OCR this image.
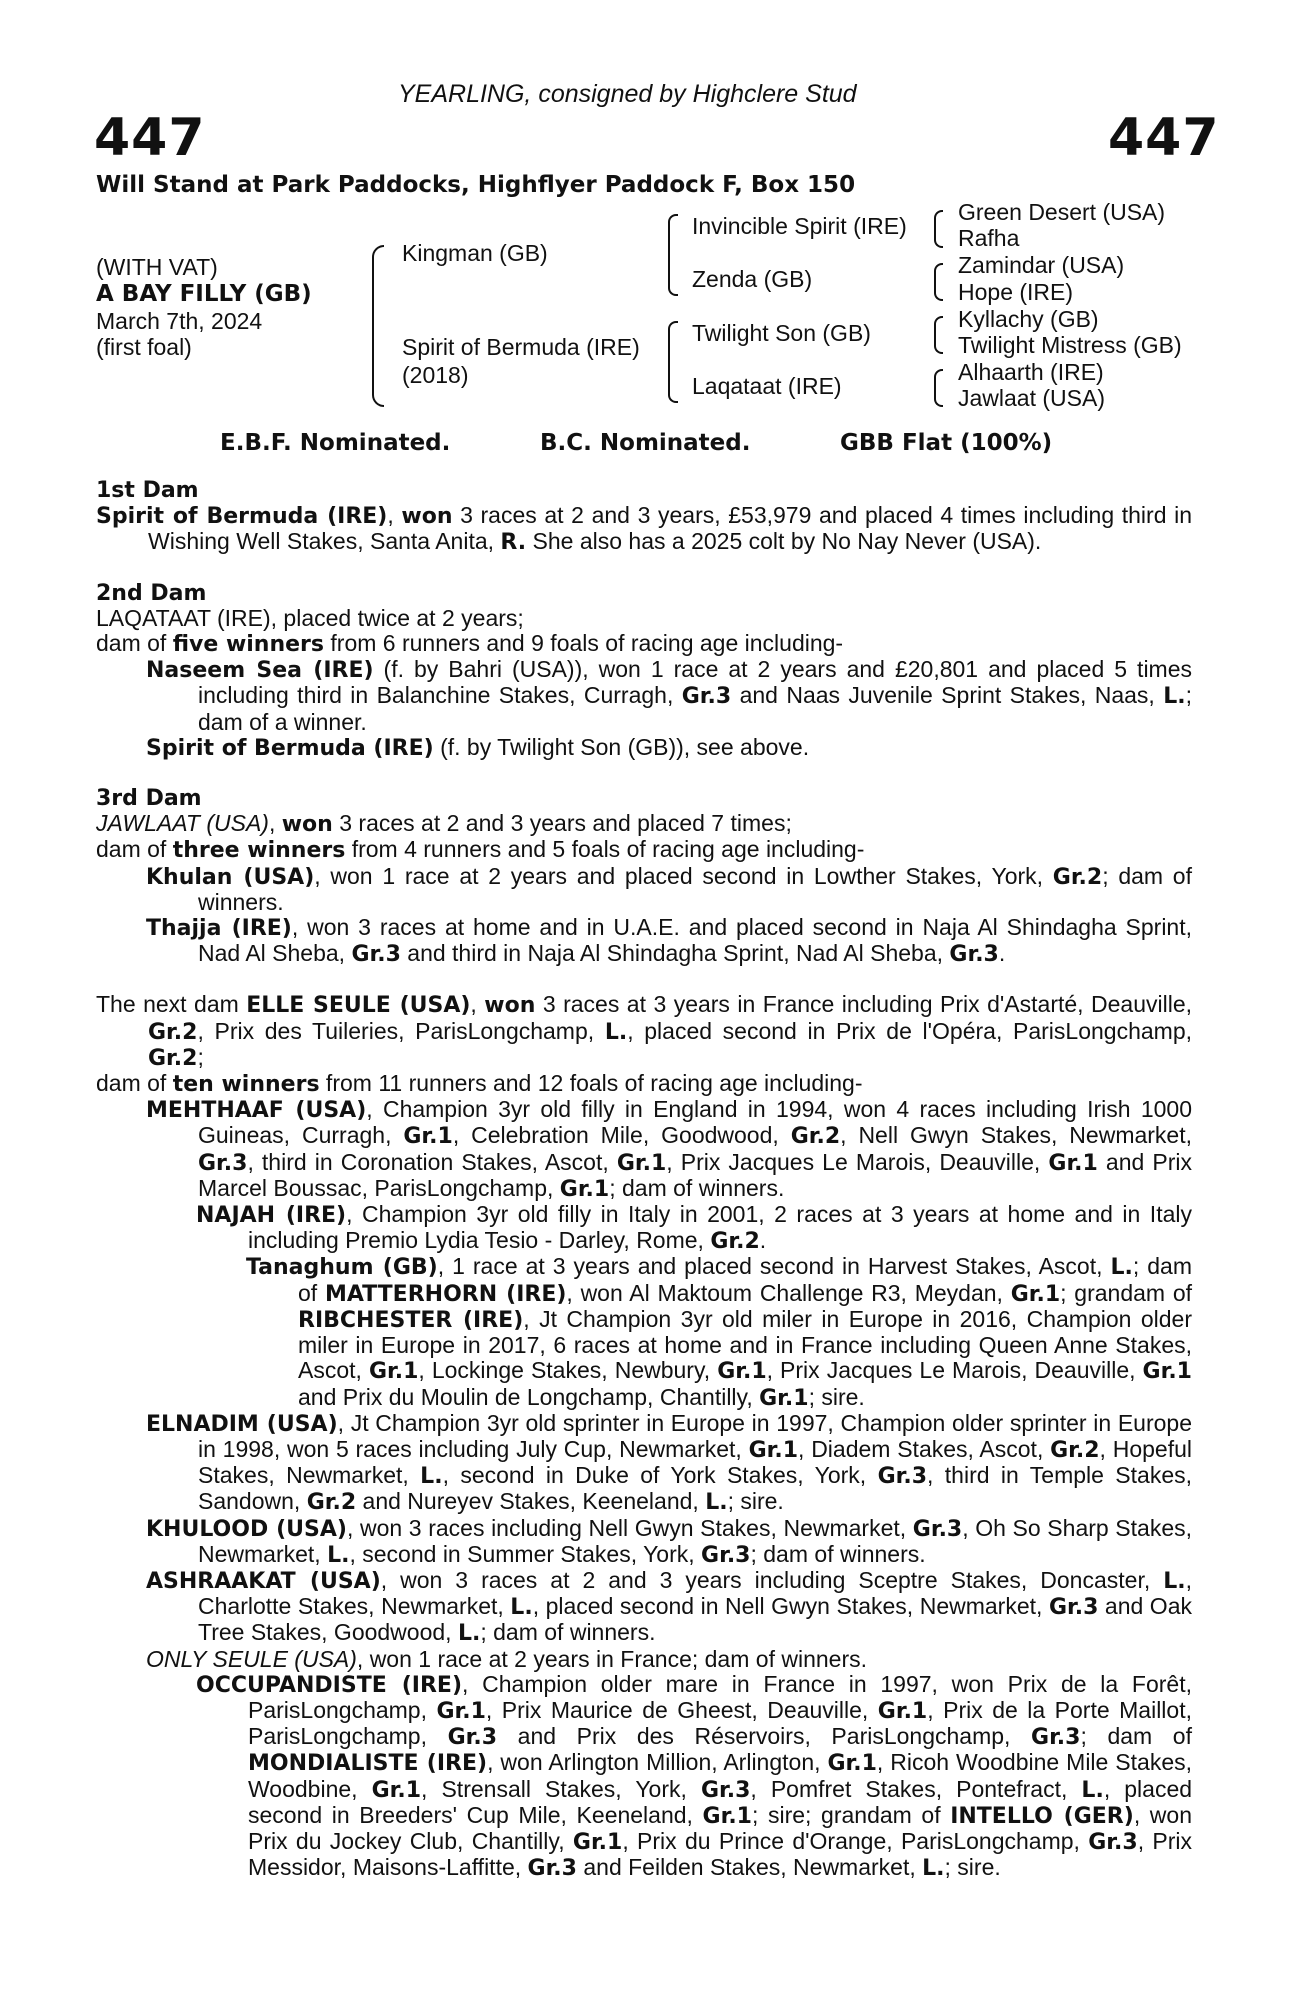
YEARLING, consigned by Highclere Stud
447	447
Will Stand at Park Paddocks, Highflyer Paddock F, Box 150
(WITH VAT)
A BAY FILLY (GB)
March 7th, 2024
(first foal)
Kingman (GB)
Spirit of Bermuda (IRE)
(2018)
Invincible Spirit (IRE)
Zenda (GB)
Twilight Son (GB)
Laqataat (IRE)
Green Desert (USA)
Rafha
Zamindar (USA)
Hope (IRE)
Kyllachy (GB)
Twilight Mistress (GB)
Alhaarth (IRE)
Jawlaat (USA)
E.B.F. Nominated.	B.C. Nominated.	GBB Flat (100%)

1st Dam

Spirit of Bermuda (IRE), won 3 races at 2 and 3 years, £53,979 and placed 4 times including third in Wishing Well Stakes, Santa Anita, R. She also has a 2025 colt by No Nay Never (USA).

2nd Dam

LAQATAAT (IRE), placed twice at 2 years;

dam of five winners from 6 runners and 9 foals of racing age including-

Naseem Sea (IRE) (f. by Bahri (USA)), won 1 race at 2 years and £20,801 and placed 5 times including third in Balanchine Stakes, Curragh, Gr.3 and Naas Juvenile Sprint Stakes, Naas, L.; dam of a winner.

Spirit of Bermuda (IRE) (f. by Twilight Son (GB)), see above.

3rd Dam

JAWLAAT (USA), won 3 races at 2 and 3 years and placed 7 times;

dam of three winners from 4 runners and 5 foals of racing age including-

Khulan (USA), won 1 race at 2 years and placed second in Lowther Stakes, York, Gr.2; dam of winners.

Thajja (IRE), won 3 races at home and in U.A.E. and placed second in Naja Al Shindagha Sprint, Nad Al Sheba, Gr.3 and third in Naja Al Shindagha Sprint, Nad Al Sheba, Gr.3.

The next dam ELLE SEULE (USA), won 3 races at 3 years in France including Prix d'Astarté, Deauville, Gr.2, Prix des Tuileries, ParisLongchamp, L., placed second in Prix de l'Opéra, ParisLongchamp, Gr.2;

dam of ten winners from 11 runners and 12 foals of racing age including-

MEHTHAAF (USA), Champion 3yr old filly in England in 1994, won 4 races including Irish 1000 Guineas, Curragh, Gr.1, Celebration Mile, Goodwood, Gr.2, Nell Gwyn Stakes, Newmarket, Gr.3, third in Coronation Stakes, Ascot, Gr.1, Prix Jacques Le Marois, Deauville, Gr.1 and Prix Marcel Boussac, ParisLongchamp, Gr.1; dam of winners.

NAJAH (IRE), Champion 3yr old filly in Italy in 2001, 2 races at 3 years at home and in Italy including Premio Lydia Tesio - Darley, Rome, Gr.2.

Tanaghum (GB), 1 race at 3 years and placed second in Harvest Stakes, Ascot, L.; dam of MATTERHORN (IRE), won Al Maktoum Challenge R3, Meydan, Gr.1; grandam of RIBCHESTER (IRE), Jt Champion 3yr old miler in Europe in 2016, Champion older miler in Europe in 2017, 6 races at home and in France including Queen Anne Stakes, Ascot, Gr.1, Lockinge Stakes, Newbury, Gr.1, Prix Jacques Le Marois, Deauville, Gr.1 and Prix du Moulin de Longchamp, Chantilly, Gr.1; sire.

ELNADIM (USA), Jt Champion 3yr old sprinter in Europe in 1997, Champion older sprinter in Europe in 1998, won 5 races including July Cup, Newmarket, Gr.1, Diadem Stakes, Ascot, Gr.2, Hopeful Stakes, Newmarket, L., second in Duke of York Stakes, York, Gr.3, third in Temple Stakes, Sandown, Gr.2 and Nureyev Stakes, Keeneland, L.; sire.

KHULOOD (USA), won 3 races including Nell Gwyn Stakes, Newmarket, Gr.3, Oh So Sharp Stakes, Newmarket, L., second in Summer Stakes, York, Gr.3; dam of winners.

ASHRAAKAT (USA), won 3 races at 2 and 3 years including Sceptre Stakes, Doncaster, L., Charlotte Stakes, Newmarket, L., placed second in Nell Gwyn Stakes, Newmarket, Gr.3 and Oak Tree Stakes, Goodwood, L.; dam of winners.

ONLY SEULE (USA), won 1 race at 2 years in France; dam of winners.

OCCUPANDISTE (IRE), Champion older mare in France in 1997, won Prix de la Forêt, ParisLongchamp, Gr.1, Prix Maurice de Gheest, Deauville, Gr.1, Prix de la Porte Maillot, ParisLongchamp, Gr.3 and Prix des Réservoirs, ParisLongchamp, Gr.3; dam of MONDIALISTE (IRE), won Arlington Million, Arlington, Gr.1, Ricoh Woodbine Mile Stakes, Woodbine, Gr.1, Strensall Stakes, York, Gr.3, Pomfret Stakes, Pontefract, L., placed second in Breeders' Cup Mile, Keeneland, Gr.1; sire; grandam of INTELLO (GER), won Prix du Jockey Club, Chantilly, Gr.1, Prix du Prince d'Orange, ParisLongchamp, Gr.3, Prix Messidor, Maisons-Laffitte, Gr.3 and Feilden Stakes, Newmarket, L.; sire.
